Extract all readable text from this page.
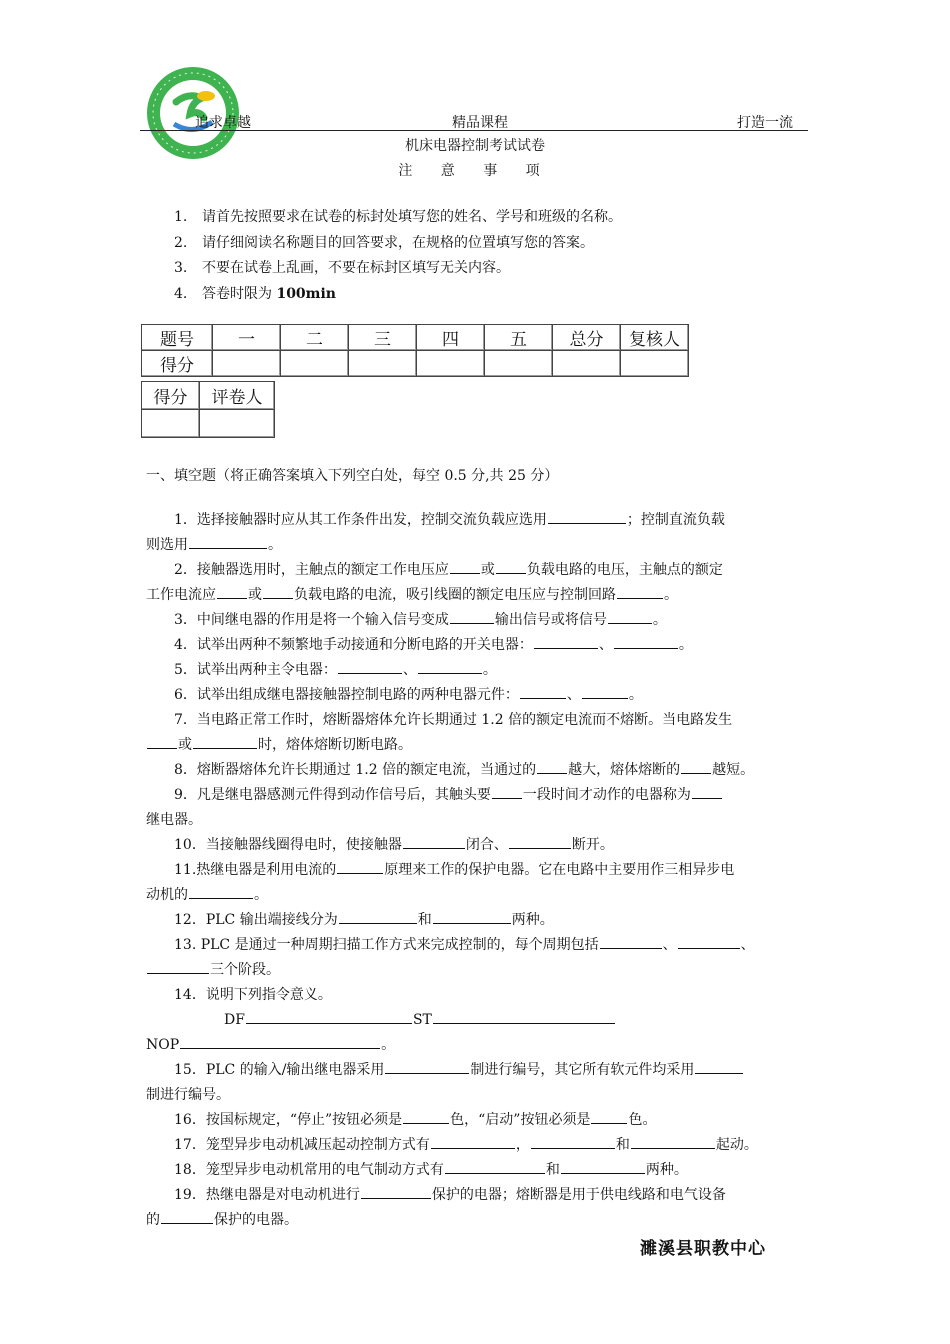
追求卓越	精品课程	打造一流
机床电器控制考试试卷
注 意 事 项
1. 请首先按照要求在试卷的标封处填写您的姓名、学号和班级的名称。
2. 请仔细阅读名称题目的回答要求，在规格的位置填写您的答案。
3. 不要在试卷上乱画，不要在标封区填写无关内容。
4. 答卷时限为 100min
题号	一	二	三	四	五	总分	复核人
得分							
得分	评卷人

一、填空题（将正确答案填入下列空白处，每空 0.5 分,共 25 分）
1．选择接触器时应从其工作条件出发，控制交流负载应选用	；控制直流负载
则选用	。
2．接触器选用时，主触点的额定工作电压应 或 负载电路的电压，主触点的额定
工作电流应 或 负载电路的电流，吸引线圈的额定电压应与控制回路	。
3．中间继电器的作用是将一个输入信号变成	输出信号或将信号	。
4．试举出两种不频繁地手动接通和分断电路的开关电器：	、	。
5．试举出两种主令电器：	、	。
6．试举出组成继电器接触器控制电路的两种电器元件：	、	。
7．当电路正常工作时，熔断器熔体允许长期通过 1.2 倍的额定电流而不熔断。当电路发生
或	时，熔体熔断切断电路。
8．熔断器熔体允许长期通过 1.2 倍的额定电流，当通过的 越大，熔体熔断的 越短。
9．凡是继电器感测元件得到动作信号后，其触头要 一段时间才动作的电器称为
继电器。
10．当接触器线圈得电时，使接触器	闭合、	断开。
11.热继电器是利用电流的	原理来工作的保护电器。它在电路中主要用作三相异步电
动机的	。
12．PLC 输出端接线分为	和	两种。
13. PLC 是通过一种周期扫描工作方式来完成控制的，每个周期包括	、	、
三个阶段。
14．说明下列指令意义。
DF	ST
NOP	。
15．PLC 的输入/输出继电器采用	制进行编号，其它所有软元件均采用
制进行编号。
16．按国标规定，“停止”按钮必须是	色，“启动”按钮必须是	色。
17．笼型异步电动机减压起动控制方式有	，	和	起动。
18．笼型异步电动机常用的电气制动方式有	和	两种。
19．热继电器是对电动机进行	保护的电器；熔断器是用于供电线路和电气设备
的	保护的电器。
濉溪县职教中心
